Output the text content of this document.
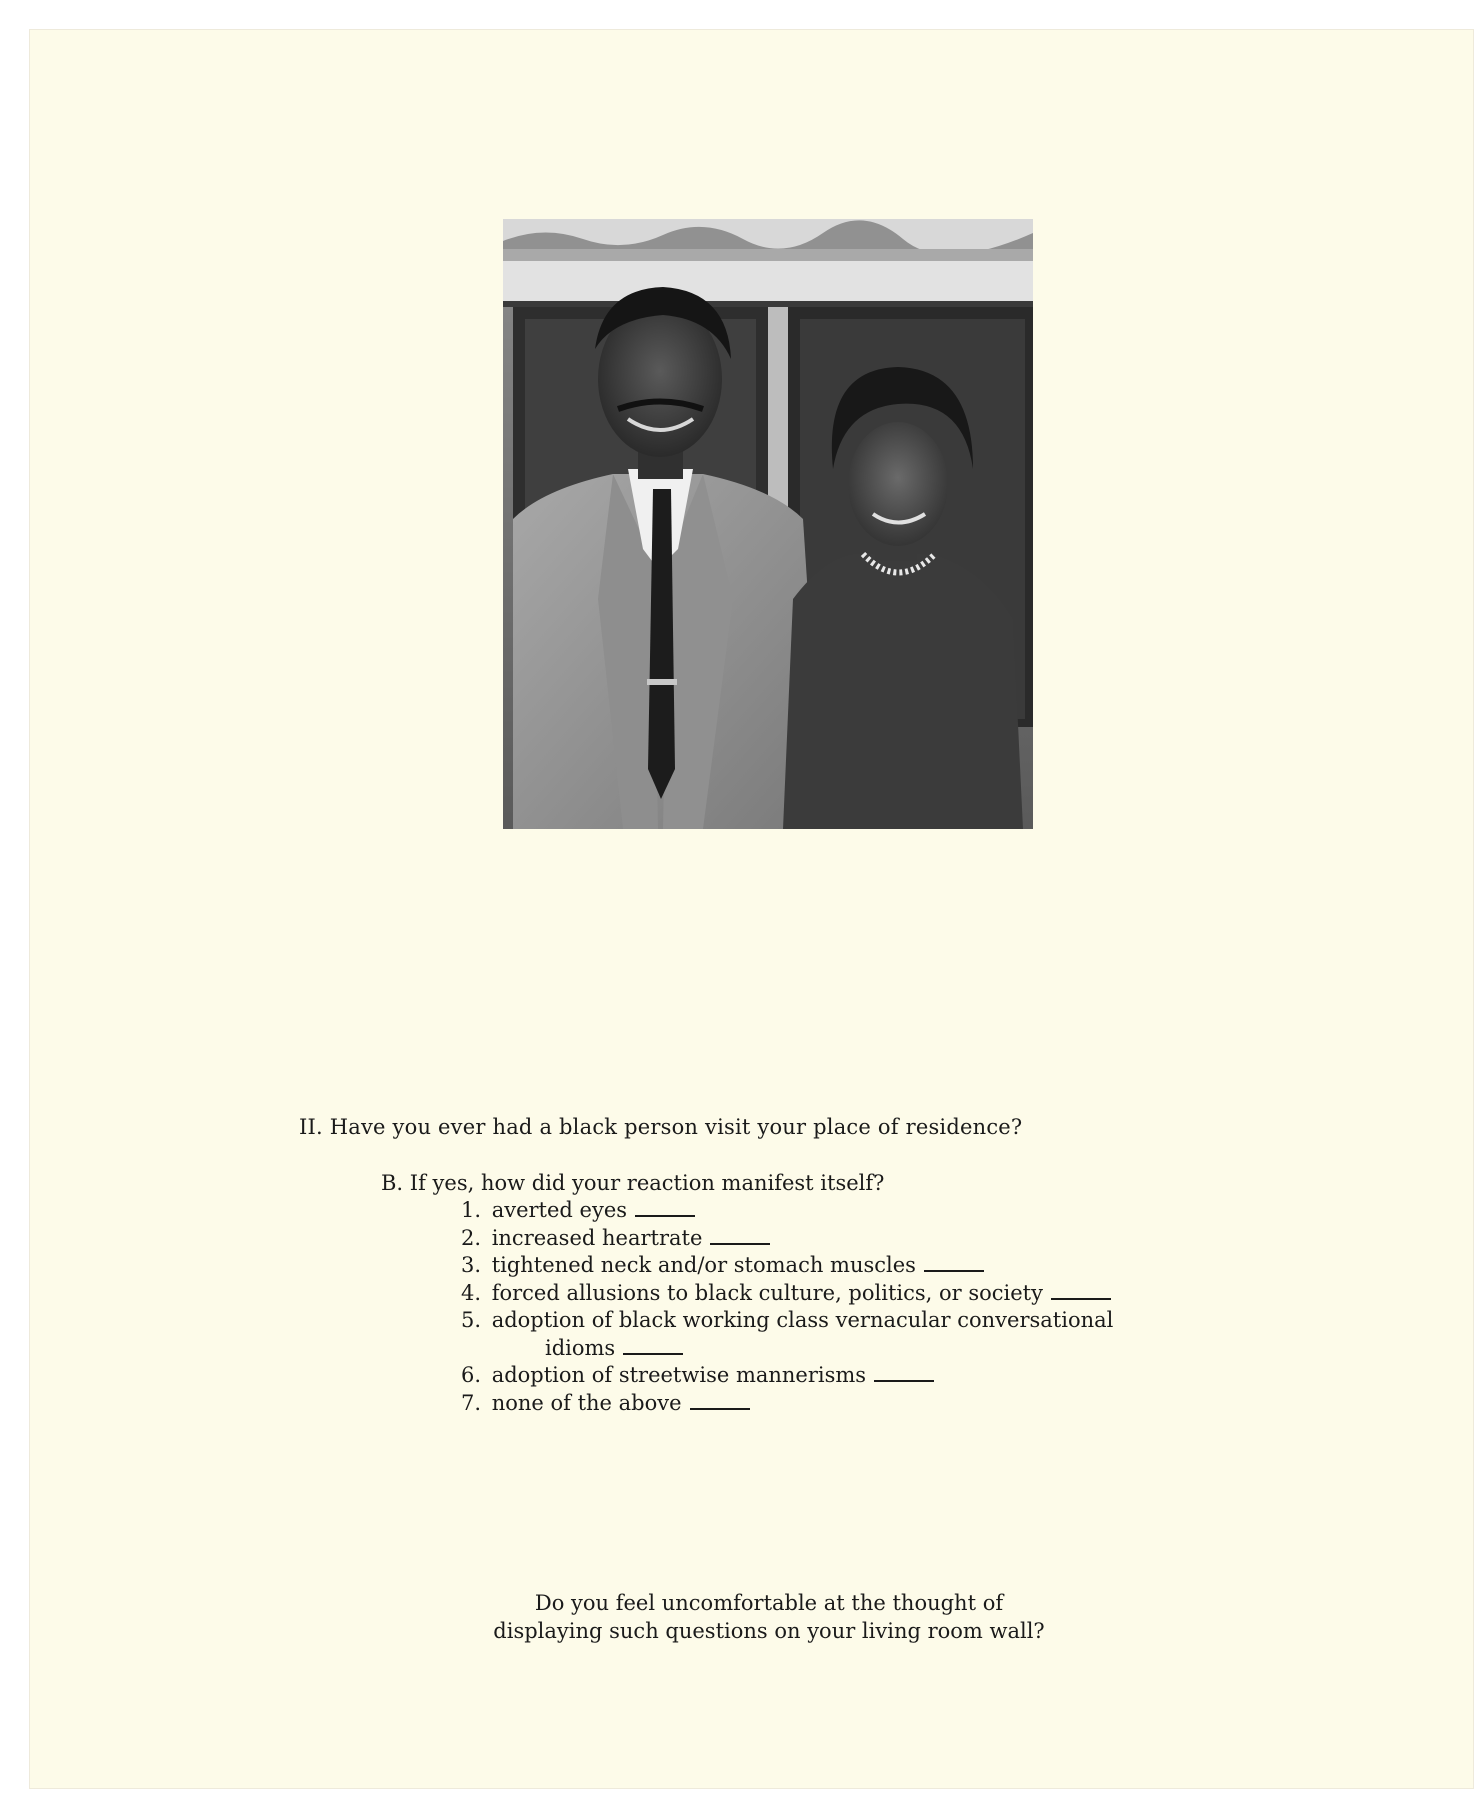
II. Have you ever had a black person visit your place of residence?
B. If yes, how did your reaction manifest itself?
1. averted eyes
2. increased heartrate
3. tightened neck and/or stomach muscles
4. forced allusions to black culture, politics, or society
5. adoption of black working class vernacular conversational
idioms
6. adoption of streetwise mannerisms
7. none of the above
Do you feel uncomfortable at the thought of
displaying such questions on your living room wall?
